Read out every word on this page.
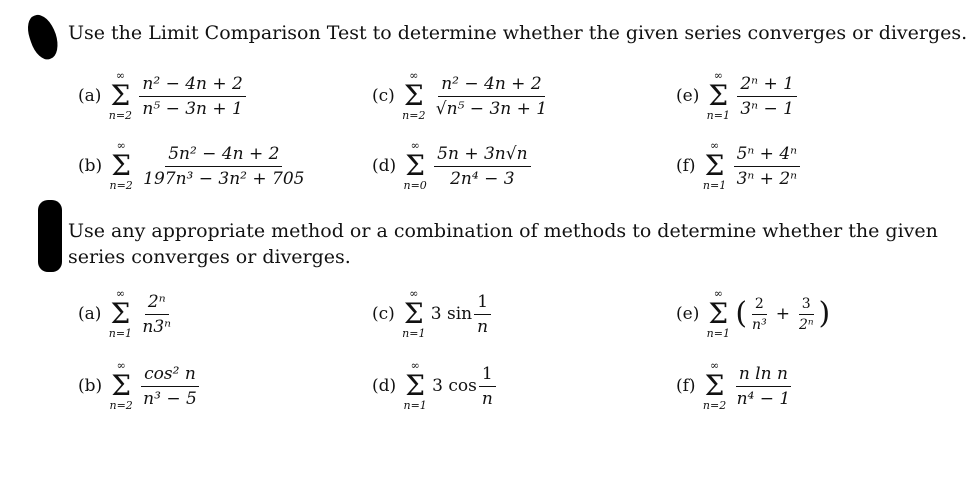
Use the Limit Comparison Test to determine whether the given series converges or diverges.
(a)
∞
Σ
$n=2 \frac{\text{n² − 4n + 2}}{\text{n⁵ − 3n + 1}}$
(b)
∞
Σ
$n=2 \frac{\text{5n² − 4n + 2}}{\text{197n³ − 3n² + 705}}$
(c)
∞
Σ
$n=2 \frac{\text{n² − 4n + 2}}{\text{√n⁵ − 3n + 1}}$
(d)
∞
Σ
$n=0 \frac{5n + 3n√n}{\text{2n⁴ − 3}}$
(e)
∞
Σ
$n=1 \frac{\text{2ⁿ + 1}}{\text{3ⁿ − 1}}$
(f)
∞
Σ
$n=1 \frac{\text{5ⁿ + 4ⁿ}}{\text{3ⁿ + 2ⁿ}}$
Use any appropriate method or a combination of methods to determine whether the given series converges or diverges.
(a)
∞
Σ
$n=1 \frac{\text{2ⁿ}}{\text{n3ⁿ}}$
(b)
∞
Σ
$n=2 \frac{\text{cos² n}}{\text{n³ − 5}}$
(c)
∞
Σ
n=1
3 $\sin \frac{1}{n}$
(d)
∞
Σ
n=1
3 $\cos \frac{1}{n}$
(e)
∞
Σ
n=1
( $\frac{2}{\text{n³}} + \frac{3}{\text{2ⁿ}}$ )
(f)
∞
Σ
$n=2 \frac{\text{n ln n}}{\text{n⁴ − 1}}$
